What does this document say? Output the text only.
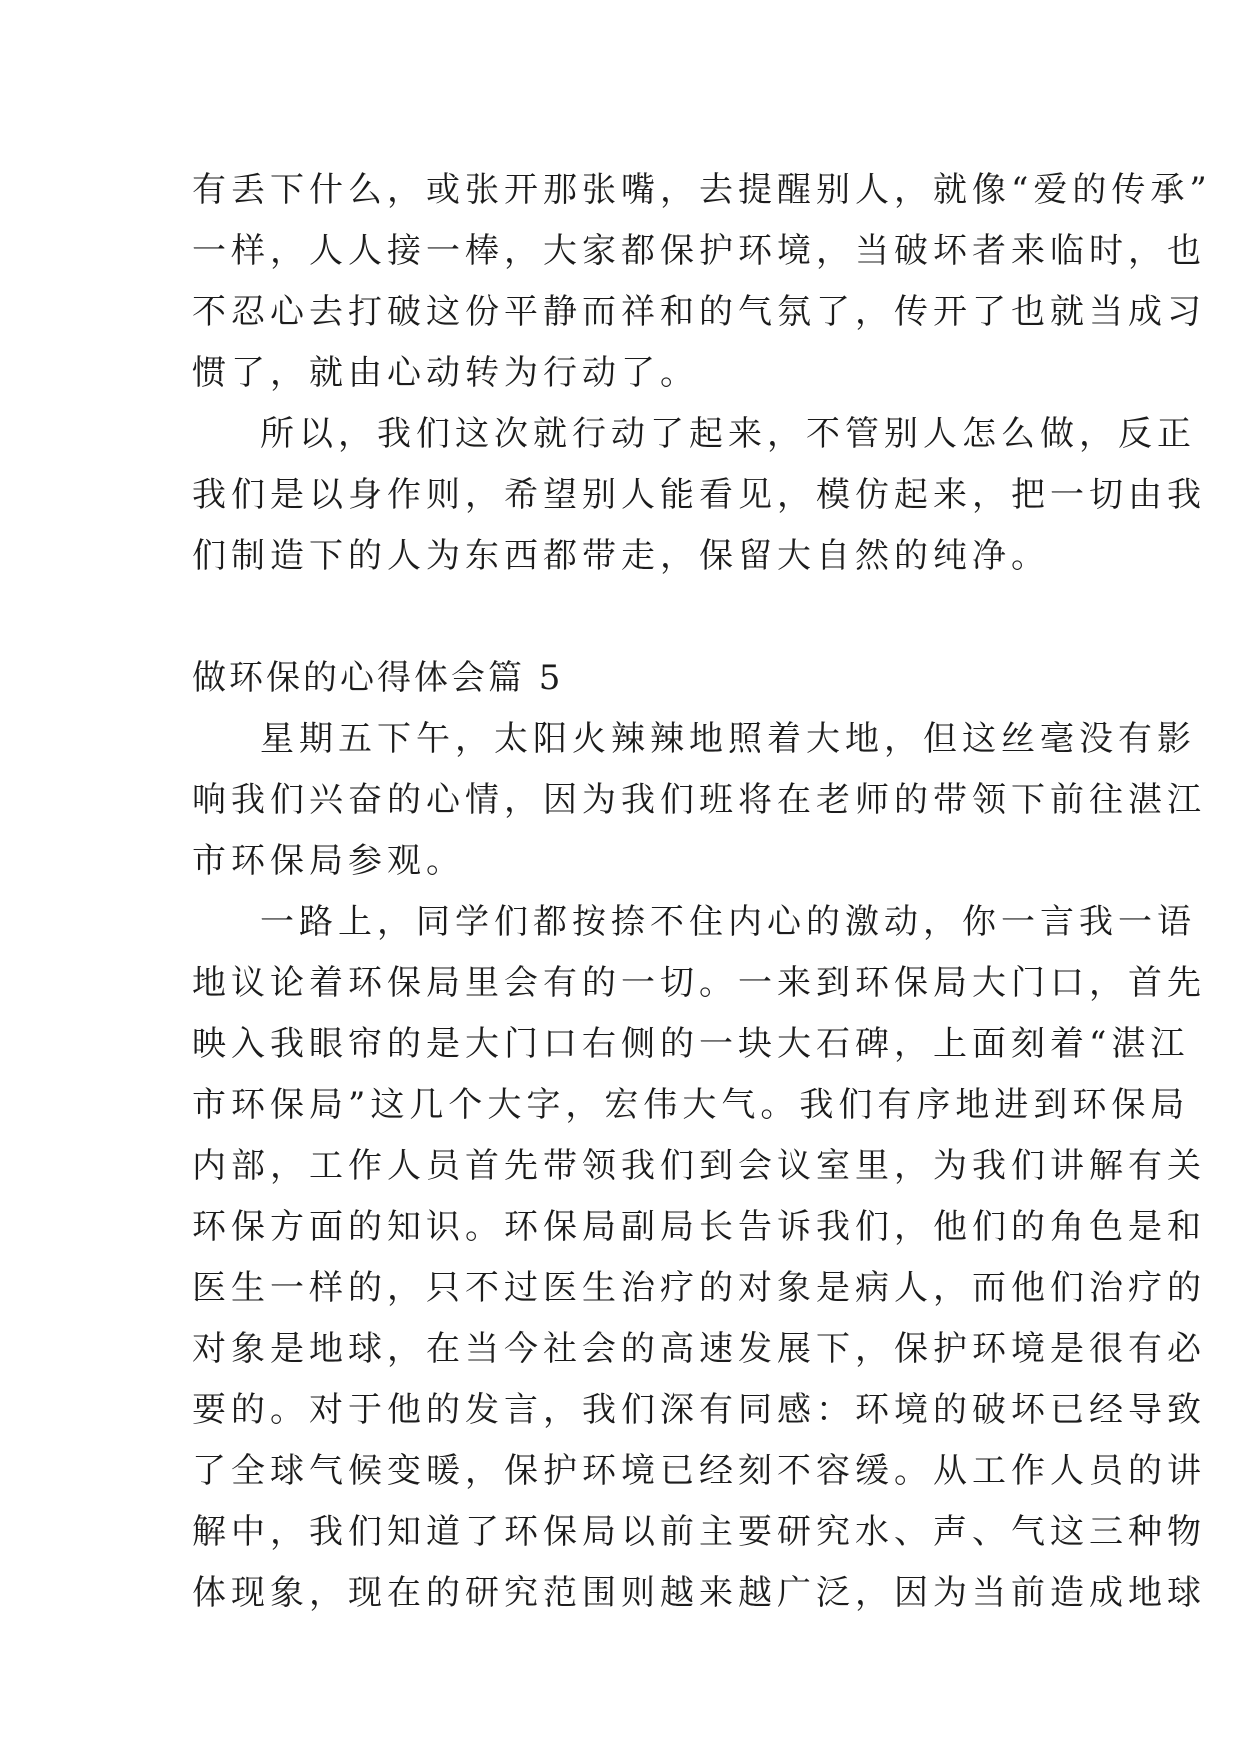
有丢下什么，或张开那张嘴，去提醒别人，就像“爱的传承”
一样，人人接一棒，大家都保护环境，当破坏者来临时，也
不忍心去打破这份平静而祥和的气氛了，传开了也就当成习
惯了，就由心动转为行动了。

所以，我们这次就行动了起来，不管别人怎么做，反正
我们是以身作则，希望别人能看见，模仿起来，把一切由我
们制造下的人为东西都带走，保留大自然的纯净。

做环保的心得体会篇 5

星期五下午，太阳火辣辣地照着大地，但这丝毫没有影
响我们兴奋的心情，因为我们班将在老师的带领下前往湛江
市环保局参观。

一路上，同学们都按捺不住内心的激动，你一言我一语
地议论着环保局里会有的一切。一来到环保局大门口，首先
映入我眼帘的是大门口右侧的一块大石碑，上面刻着“湛江
市环保局”这几个大字，宏伟大气。我们有序地进到环保局
内部，工作人员首先带领我们到会议室里，为我们讲解有关
环保方面的知识。环保局副局长告诉我们，他们的角色是和
医生一样的，只不过医生治疗的对象是病人，而他们治疗的
对象是地球，在当今社会的高速发展下，保护环境是很有必
要的。对于他的发言，我们深有同感：环境的破坏已经导致
了全球气候变暖，保护环境已经刻不容缓。从工作人员的讲
解中，我们知道了环保局以前主要研究水、声、气这三种物
体现象，现在的研究范围则越来越广泛，因为当前造成地球
